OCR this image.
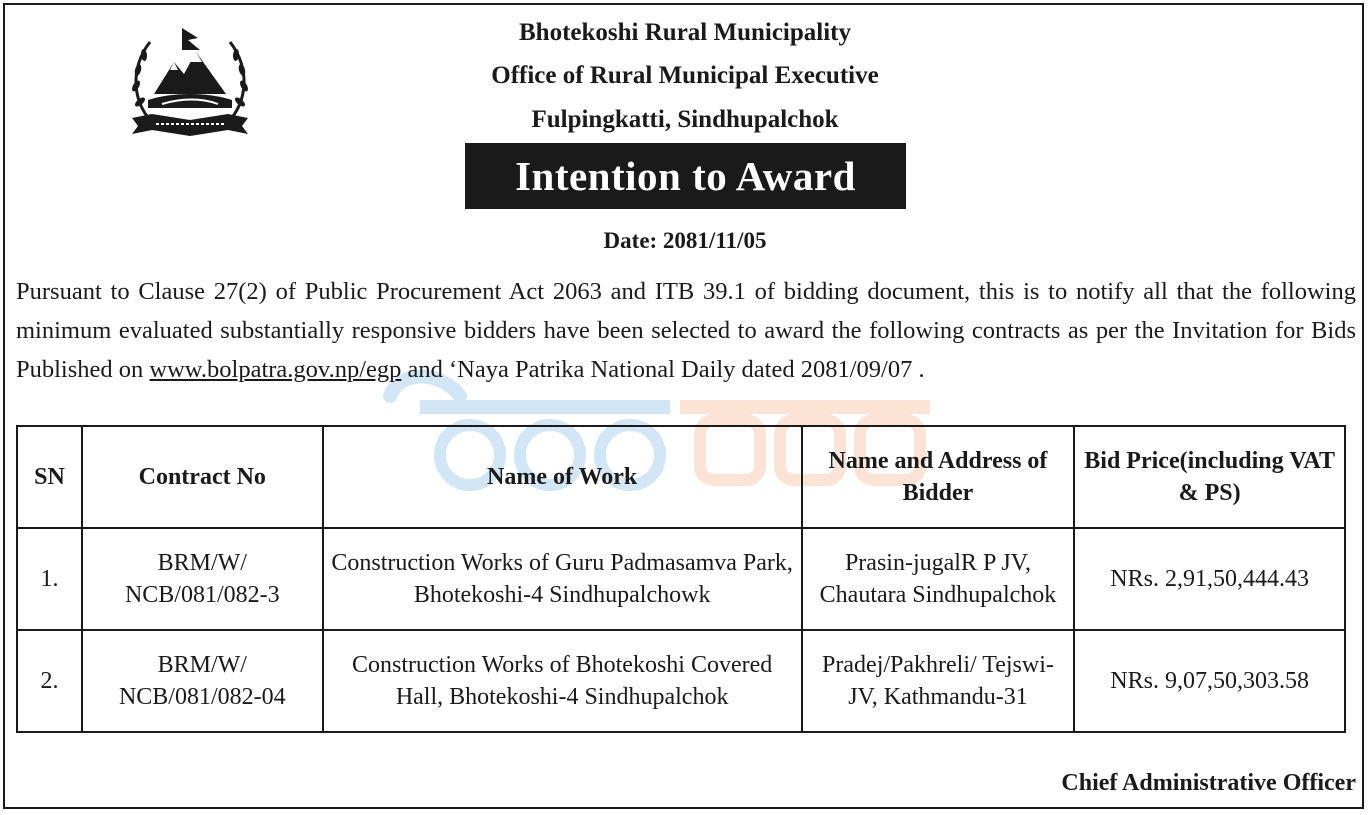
Bhotekoshi Rural Municipality
Office of Rural Municipal Executive
Fulpingkatti, Sindhupalchok
Intention to Award
Date: 2081/11/05
Pursuant to Clause 27(2) of Public Procurement Act 2063 and ITB 39.1 of bidding document, this is to notify all that the following minimum evaluated substantially responsive bidders have been selected to award the following contracts as per the Invitation for Bids Published on www.bolpatra.gov.np/egp and ‘Naya Patrika National Daily dated 2081/09/07 .
SN	Contract No	Name of Work	Name and Address of Bidder	Bid Price(including VAT & PS)
1.	BRM/W/ NCB/081/082-3	Construction Works of Guru Padmasamva Park, Bhotekoshi-4 Sindhupalchowk	Prasin-jugalR P JV, Chautara Sindhupalchok	NRs. 2,91,50,444.43
2.	BRM/W/ NCB/081/082-04	Construction Works of Bhotekoshi Covered Hall, Bhotekoshi-4 Sindhupalchok	Pradej/Pakhreli/ Tejswi-JV, Kathmandu-31	NRs. 9,07,50,303.58
Chief Administrative Officer
